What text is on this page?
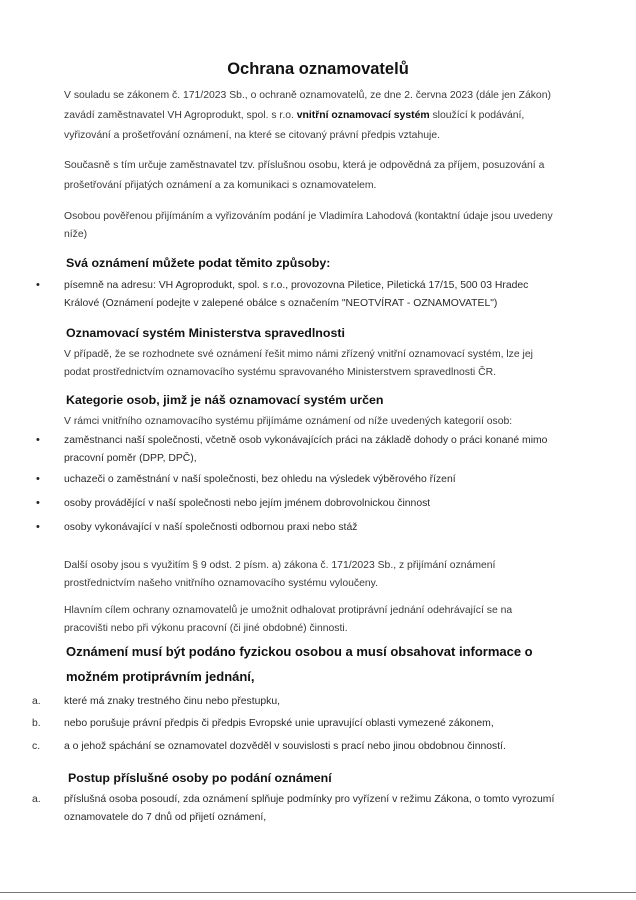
Ochrana oznamovatelů

V souladu se zákonem č. 171/2023 Sb., o ochraně oznamovatelů, ze dne 2. června 2023 (dále jen Zákon)

zavádí zaměstnavatel VH Agroprodukt, spol. s r.o. vnitřní oznamovací systém sloužící k podávání,

vyřizování a prošetřování oznámení, na které se citovaný právní předpis vztahuje.

Současně s tím určuje zaměstnavatel tzv. příslušnou osobu, která je odpovědná za příjem, posuzování a

prošetřování přijatých oznámení a za komunikaci s oznamovatelem.

Osobou pověřenou přijímáním a vyřizováním podání je Vladimíra Lahodová (kontaktní údaje jsou uvedeny

níže)

Svá oznámení můžete podat těmito způsoby:
• písemně na adresu: VH Agroprodukt, spol. s r.o., provozovna Piletice, Piletická 17/15, 500 03 Hradec

Králové (Oznámení podejte v zalepené obálce s označením "NEOTVÍRAT - OZNAMOVATEL")

Oznamovací systém Ministerstva spravedlnosti

V případě, že se rozhodnete své oznámení řešit mimo námi zřízený vnitřní oznamovací systém, lze jej

podat prostřednictvím oznamovacího systému spravovaného Ministerstvem spravedlnosti ČR.

Kategorie osob, jimž je náš oznamovací systém určen

V rámci vnitřního oznamovacího systému přijímáme oznámení od níže uvedených kategorií osob:

• zaměstnanci naší společnosti, včetně osob vykonávajících práci na základě dohody o práci konané mimo

pracovní poměr (DPP, DPČ),

• uchazeči o zaměstnání v naší společnosti, bez ohledu na výsledek výběrového řízení

• osoby provádějící v naší společnosti nebo jejím jménem dobrovolnickou činnost

• osoby vykonávající v naší společnosti odbornou praxi nebo stáž

Další osoby jsou s využitím § 9 odst. 2 písm. a) zákona č. 171/2023 Sb., z přijímání oznámení

prostřednictvím našeho vnitřního oznamovacího systému vyloučeny.

Hlavním cílem ochrany oznamovatelů je umožnit odhalovat protiprávní jednání odehrávající se na

pracovišti nebo při výkonu pracovní (či jiné obdobné) činnosti.

Oznámení musí být podáno fyzickou osobou a musí obsahovat informace o
možném protiprávním jednání,
a. které má znaky trestného činu nebo přestupku,

b. nebo porušuje právní předpis či předpis Evropské unie upravující oblasti vymezené zákonem,

c. a o jehož spáchání se oznamovatel dozvěděl v souvislosti s prací nebo jinou obdobnou činností.

Postup příslušné osoby po podání oznámení
a. příslušná osoba posoudí, zda oznámení splňuje podmínky pro vyřízení v režimu Zákona, o tomto vyrozumí

oznamovatele do 7 dnů od přijetí oznámení,
